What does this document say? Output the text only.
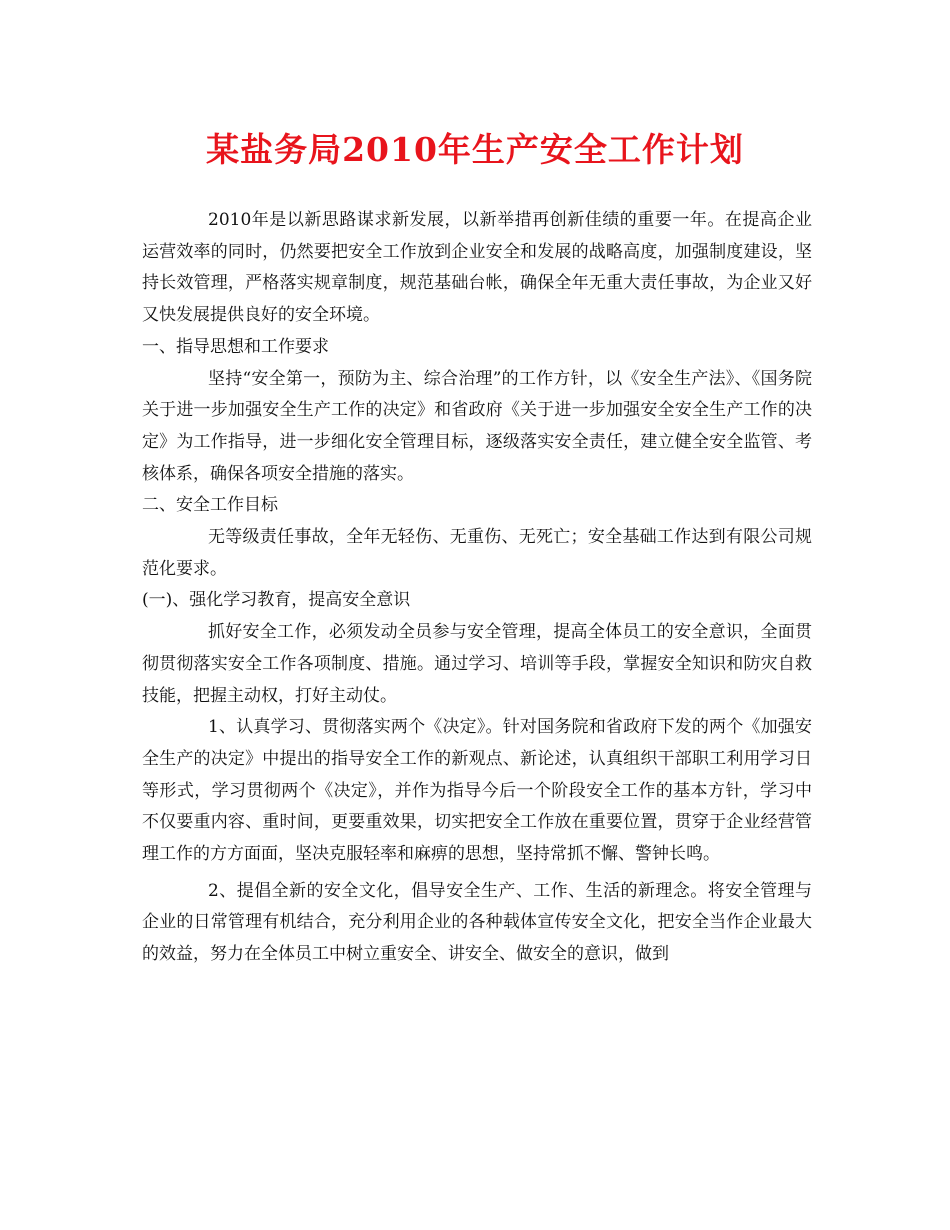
某盐务局2010年生产安全工作计划

2010年是以新思路谋求新发展，以新举措再创新佳绩的重要一年。在提高企业运营效率的同时，仍然要把安全工作放到企业安全和发展的战略高度，加强制度建设，坚持长效管理，严格落实规章制度，规范基础台帐，确保全年无重大责任事故，为企业又好又快发展提供良好的安全环境。

一、指导思想和工作要求

坚持“安全第一，预防为主、综合治理”的工作方针，以《安全生产法》、《国务院关于进一步加强安全生产工作的决定》和省政府《关于进一步加强安全安全生产工作的决定》为工作指导，进一步细化安全管理目标，逐级落实安全责任，建立健全安全监管、考核体系，确保各项安全措施的落实。

二、安全工作目标

无等级责任事故，全年无轻伤、无重伤、无死亡；安全基础工作达到有限公司规范化要求。

(一)、强化学习教育，提高安全意识

抓好安全工作，必须发动全员参与安全管理，提高全体员工的安全意识，全面贯彻贯彻落实安全工作各项制度、措施。通过学习、培训等手段，掌握安全知识和防灾自救技能，把握主动权，打好主动仗。

1、认真学习、贯彻落实两个《决定》。针对国务院和省政府下发的两个《加强安全生产的决定》中提出的指导安全工作的新观点、新论述，认真组织干部职工利用学习日等形式，学习贯彻两个《决定》，并作为指导今后一个阶段安全工作的基本方针，学习中不仅要重内容、重时间，更要重效果，切实把安全工作放在重要位置，贯穿于企业经营管理工作的方方面面，坚决克服轻率和麻痹的思想，坚持常抓不懈、警钟长鸣。

2、提倡全新的安全文化，倡导安全生产、工作、生活的新理念。将安全管理与企业的日常管理有机结合，充分利用企业的各种载体宣传安全文化，把安全当作企业最大的效益，努力在全体员工中树立重安全、讲安全、做安全的意识，做到
